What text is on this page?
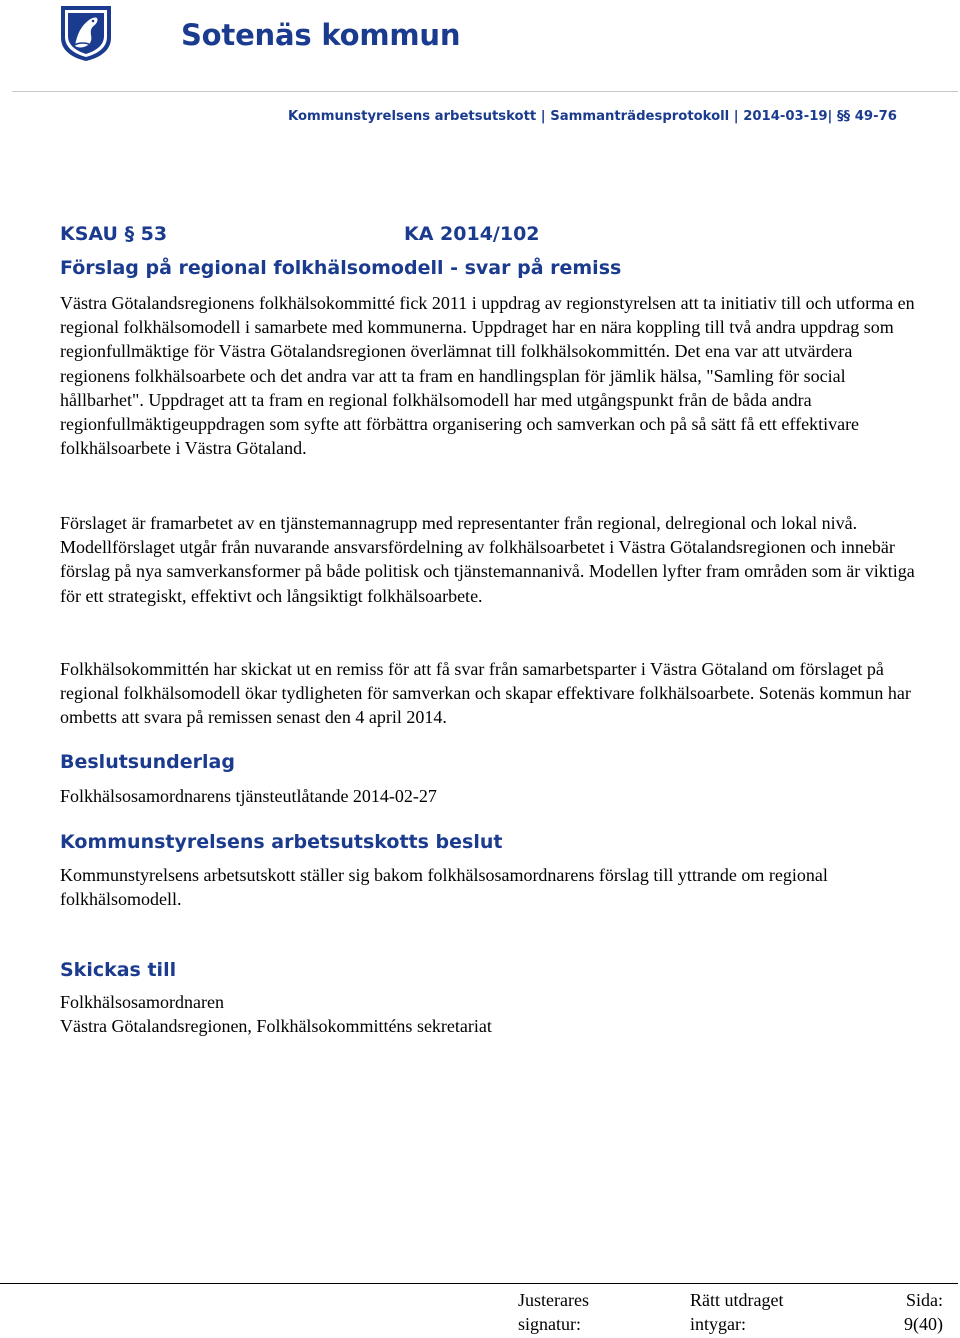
Sotenäs kommun
Kommunstyrelsens arbetsutskott | Sammanträdesprotokoll | 2014-03-19| §§ 49-76
KSAU § 53	KA 2014/102
Förslag på regional folkhälsomodell - svar på remiss
Västra Götalandsregionens folkhälsokommitté fick 2011 i uppdrag av regionstyrelsen att ta initiativ till och utforma en regional folkhälsomodell i samarbete med kommunerna. Uppdraget har en nära koppling till två andra uppdrag som regionfullmäktige för Västra Götalandsregionen överlämnat till folkhälsokommittén. Det ena var att utvärdera regionens folkhälsoarbete och det andra var att ta fram en handlingsplan för jämlik hälsa, "Samling för social hållbarhet". Uppdraget att ta fram en regional folkhälsomodell har med utgångspunkt från de båda andra regionfullmäktigeuppdragen som syfte att förbättra organisering och samverkan och på så sätt få ett effektivare folkhälsoarbete i Västra Götaland.
Förslaget är framarbetet av en tjänstemannagrupp med representanter från regional, delregional och lokal nivå. Modellförslaget utgår från nuvarande ansvarsfördelning av folkhälsoarbetet i Västra Götalandsregionen och innebär förslag på nya samverkansformer på både politisk och tjänstemannanivå. Modellen lyfter fram områden som är viktiga för ett strategiskt, effektivt och långsiktigt folkhälsoarbete.
Folkhälsokommittén har skickat ut en remiss för att få svar från samarbetsparter i Västra Götaland om förslaget på regional folkhälsomodell ökar tydligheten för samverkan och skapar effektivare folkhälsoarbete. Sotenäs kommun har ombetts att svara på remissen senast den 4 april 2014.
Beslutsunderlag
Folkhälsosamordnarens tjänsteutlåtande 2014-02-27
Kommunstyrelsens arbetsutskotts beslut
Kommunstyrelsens arbetsutskott ställer sig bakom folkhälsosamordnarens förslag till yttrande om regional folkhälsomodell.
Skickas till
Folkhälsosamordnaren
Västra Götalandsregionen, Folkhälsokommitténs sekretariat
Justerares
signatur:
Rätt utdraget
intygar:
Sida:
9(40)
